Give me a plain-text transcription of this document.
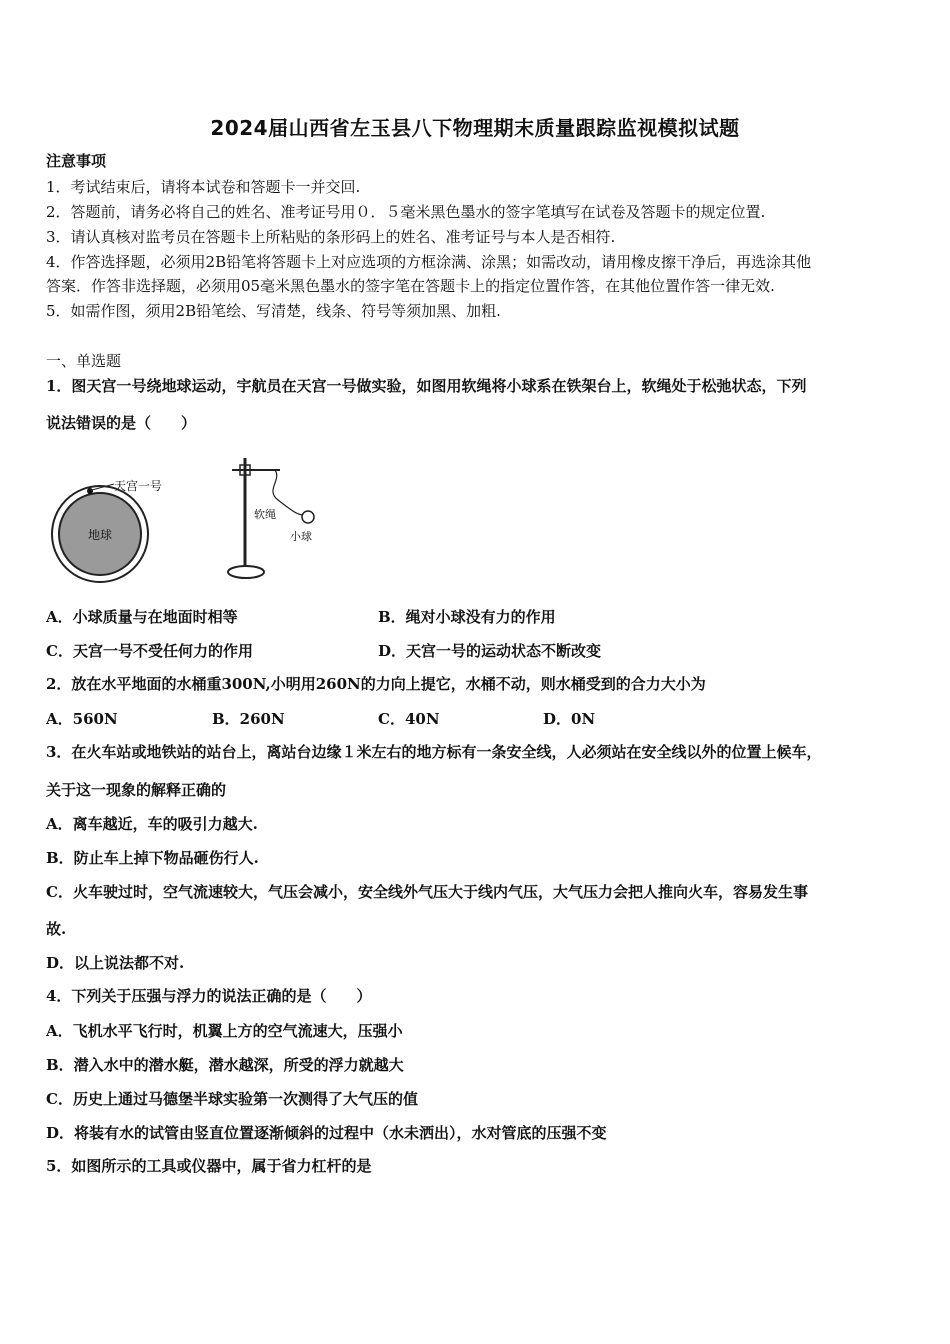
2024届山西省左玉县八下物理期末质量跟踪监视模拟试题
注意事项
1．考试结束后，请将本试卷和答题卡一并交回.
2．答题前，请务必将自己的姓名、准考证号用０．５毫米黑色墨水的签字笔填写在试卷及答题卡的规定位置.
3．请认真核对监考员在答题卡上所粘贴的条形码上的姓名、准考证号与本人是否相符.
4．作答选择题，必须用2B铅笔将答题卡上对应选项的方框涂满、涂黑；如需改动，请用橡皮擦干净后，再选涂其他
答案．作答非选择题，必须用05毫米黑色墨水的签字笔在答题卡上的指定位置作答，在其他位置作答一律无效.
5．如需作图，须用2B铅笔绘、写清楚，线条、符号等须加黑、加粗.
一、单选题
1．图天宫一号绕地球运动，宇航员在天宫一号做实验，如图用软绳将小球系在铁架台上，软绳处于松弛状态，下列
说法错误的是（　　）
地球
天宫一号
软绳
小球
A．小球质量与在地面时相等	B．绳对小球没有力的作用
C．天宫一号不受任何力的作用	D．天宫一号的运动状态不断改变
2．放在水平地面的水桶重300N,小明用260N的力向上提它，水桶不动，则水桶受到的合力大小为
A．560N	B．260N	C．40N	D．0N
3．在火车站或地铁站的站台上，离站台边缘１米左右的地方标有一条安全线，人必须站在安全线以外的位置上候车，
关于这一现象的解释正确的
A．离车越近，车的吸引力越大.
B．防止车上掉下物品砸伤行人.
C．火车驶过时，空气流速较大，气压会减小，安全线外气压大于线内气压，大气压力会把人推向火车，容易发生事
故.
D．以上说法都不对.
4．下列关于压强与浮力的说法正确的是（　　）
A．飞机水平飞行时，机翼上方的空气流速大，压强小
B．潜入水中的潜水艇，潜水越深，所受的浮力就越大
C．历史上通过马德堡半球实验第一次测得了大气压的值
D．将装有水的试管由竖直位置逐渐倾斜的过程中（水未洒出），水对管底的压强不变
5．如图所示的工具或仪器中，属于省力杠杆的是
